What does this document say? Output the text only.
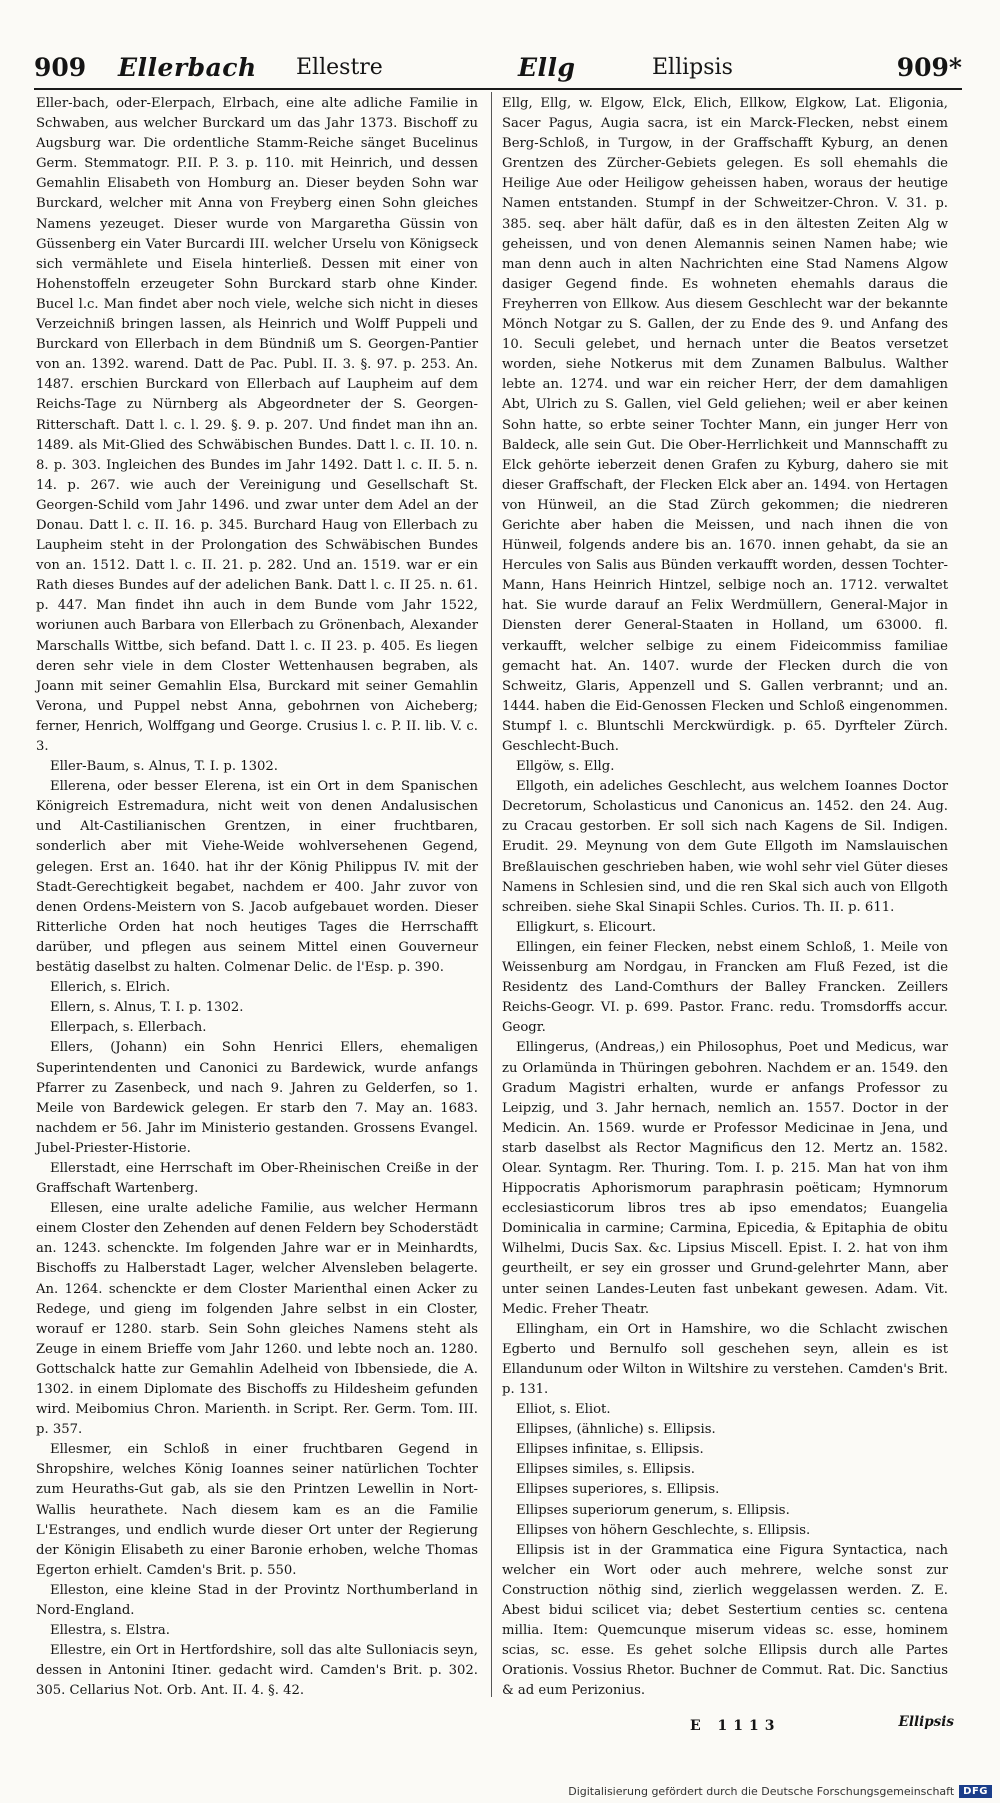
909 Ellerbach Ellestre	Ellg	Ellipsis	909*

Eller-bach, oder-Elerpach, Elrbach, eine alte adliche Familie in Schwaben, aus welcher Burckard um das Jahr 1373. Bischoff zu Augsburg war. Die ordentliche Stamm-Reiche sänget Bucelinus Germ. Stemmatogr. P.II. P. 3. p. 110. mit Heinrich, und dessen Gemahlin Elisabeth von Homburg an. Dieser beyden Sohn war Burckard, welcher mit Anna von Freyberg einen Sohn gleiches Namens yezeuget. Dieser wurde von Margaretha Güssin von Güssenberg ein Vater Burcardi III. welcher Urselu von Königseck sich vermählete und Eisela hinterließ. Dessen mit einer von Hohenstoffeln erzeugeter Sohn Burckard starb ohne Kinder. Bucel l.c. Man findet aber noch viele, welche sich nicht in dieses Verzeichniß bringen lassen, als Heinrich und Wolff Puppeli und Burckard von Ellerbach in dem Bündniß um S. Georgen-Pantier von an. 1392. warend. Datt de Pac. Publ. II. 3. §. 97. p. 253. An. 1487. erschien Burckard von Ellerbach auf Laupheim auf dem Reichs-Tage zu Nürnberg als Abgeordneter der S. Georgen-Ritterschaft. Datt l. c. l. 29. §. 9. p. 207. Und findet man ihn an. 1489. als Mit-Glied des Schwäbischen Bundes. Datt l. c. II. 10. n. 8. p. 303. Ingleichen des Bundes im Jahr 1492. Datt l. c. II. 5. n. 14. p. 267. wie auch der Vereinigung und Gesellschaft St. Georgen-Schild vom Jahr 1496. und zwar unter dem Adel an der Donau. Datt l. c. II. 16. p. 345. Burchard Haug von Ellerbach zu Laupheim steht in der Prolongation des Schwäbischen Bundes von an. 1512. Datt l. c. II. 21. p. 282. Und an. 1519. war er ein Rath dieses Bundes auf der adelichen Bank. Datt l. c. II 25. n. 61. p. 447. Man findet ihn auch in dem Bunde vom Jahr 1522, woriunen auch Barbara von Ellerbach zu Grönenbach, Alexander Marschalls Wittbe, sich befand. Datt l. c. II 23. p. 405. Es liegen deren sehr viele in dem Closter Wettenhausen begraben, als Joann mit seiner Gemahlin Elsa, Burckard mit seiner Gemahlin Verona, und Puppel nebst Anna, gebohrnen von Aicheberg; ferner, Henrich, Wolffgang und George. Crusius l. c. P. II. lib. V. c. 3.

Eller-Baum, s. Alnus, T. I. p. 1302.

Ellerena, oder besser Elerena, ist ein Ort in dem Spanischen Königreich Estremadura, nicht weit von denen Andalusischen und Alt-Castilianischen Grentzen, in einer fruchtbaren, sonderlich aber mit Viehe-Weide wohlversehenen Gegend, gelegen. Erst an. 1640. hat ihr der König Philippus IV. mit der Stadt-Gerechtigkeit begabet, nachdem er 400. Jahr zuvor von denen Ordens-Meistern von S. Jacob aufgebauet worden. Dieser Ritterliche Orden hat noch heutiges Tages die Herrschafft darüber, und pflegen aus seinem Mittel einen Gouverneur bestätig daselbst zu halten. Colmenar Delic. de l'Esp. p. 390.

Ellerich, s. Elrich.

Ellern, s. Alnus, T. I. p. 1302.

Ellerpach, s. Ellerbach.

Ellers, (Johann) ein Sohn Henrici Ellers, ehemaligen Superintendenten und Canonici zu Bardewick, wurde anfangs Pfarrer zu Zasenbeck, und nach 9. Jahren zu Gelderfen, so 1. Meile von Bardewick gelegen. Er starb den 7. May an. 1683. nachdem er 56. Jahr im Ministerio gestanden. Grossens Evangel. Jubel-Priester-Historie.

Ellerstadt, eine Herrschaft im Ober-Rheinischen Creiße in der Graffschaft Wartenberg.

Ellesen, eine uralte adeliche Familie, aus welcher Hermann einem Closter den Zehenden auf denen Feldern bey Schoderstädt an. 1243. schenckte. Im folgenden Jahre war er in Meinhardts, Bischoffs zu Halberstadt Lager, welcher Alvensleben belagerte. An. 1264. schenckte er dem Closter Marienthal einen Acker zu Redege, und gieng im folgenden Jahre selbst in ein Closter, worauf er 1280. starb. Sein Sohn gleiches Namens steht als Zeuge in einem Brieffe vom Jahr 1260. und lebte noch an. 1280. Gottschalck hatte zur Gemahlin Adelheid von Ibbensiede, die A. 1302. in einem Diplomate des Bischoffs zu Hildesheim gefunden wird. Meibomius Chron. Marienth. in Script. Rer. Germ. Tom. III. p. 357.

Ellesmer, ein Schloß in einer fruchtbaren Gegend in Shropshire, welches König Ioannes seiner natürlichen Tochter zum Heuraths-Gut gab, als sie den Printzen Lewellin in Nort-Wallis heurathete. Nach diesem kam es an die Familie L'Estranges, und endlich wurde dieser Ort unter der Regierung der Königin Elisabeth zu einer Baronie erhoben, welche Thomas Egerton erhielt. Camden's Brit. p. 550.

Elleston, eine kleine Stad in der Provintz Northumberland in Nord-England.

Ellestra, s. Elstra.

Ellestre, ein Ort in Hertfordshire, soll das alte Sulloniacis seyn, dessen in Antonini Itiner. gedacht wird. Camden's Brit. p. 302. 305. Cellarius Not. Orb. Ant. II. 4. §. 42.

Ellg, Ellg, w. Elgow, Elck, Elich, Ellkow, Elgkow, Lat. Eligonia, Sacer Pagus, Augia sacra, ist ein Marck-Flecken, nebst einem Berg-Schloß, in Turgow, in der Graffschafft Kyburg, an denen Grentzen des Zürcher-Gebiets gelegen. Es soll ehemahls die Heilige Aue oder Heiligow geheissen haben, woraus der heutige Namen entstanden. Stumpf in der Schweitzer-Chron. V. 31. p. 385. seq. aber hält dafür, daß es in den ältesten Zeiten Alg w geheissen, und von denen Alemannis seinen Namen habe; wie man denn auch in alten Nachrichten eine Stad Namens Algow dasiger Gegend finde. Es wohneten ehemahls daraus die Freyherren von Ellkow. Aus diesem Geschlecht war der bekannte Mönch Notgar zu S. Gallen, der zu Ende des 9. und Anfang des 10. Seculi gelebet, und hernach unter die Beatos versetzet worden, siehe Notkerus mit dem Zunamen Balbulus. Walther lebte an. 1274. und war ein reicher Herr, der dem damahligen Abt, Ulrich zu S. Gallen, viel Geld geliehen; weil er aber keinen Sohn hatte, so erbte seiner Tochter Mann, ein junger Herr von Baldeck, alle sein Gut. Die Ober-Herrlichkeit und Mannschafft zu Elck gehörte ieberzeit denen Grafen zu Kyburg, dahero sie mit dieser Graffschaft, der Flecken Elck aber an. 1494. von Hertagen von Hünweil, an die Stad Zürch gekommen; die niedreren Gerichte aber haben die Meissen, und nach ihnen die von Hünweil, folgends andere bis an. 1670. innen gehabt, da sie an Hercules von Salis aus Bünden verkaufft worden, dessen Tochter-Mann, Hans Heinrich Hintzel, selbige noch an. 1712. verwaltet hat. Sie wurde darauf an Felix Werdmüllern, General-Major in Diensten derer General-Staaten in Holland, um 63000. fl. verkaufft, welcher selbige zu einem Fideicommiss familiae gemacht hat. An. 1407. wurde der Flecken durch die von Schweitz, Glaris, Appenzell und S. Gallen verbrannt; und an. 1444. haben die Eid-Genossen Flecken und Schloß eingenommen. Stumpf l. c. Bluntschli Merckwürdigk. p. 65. Dyrfteler Zürch. Geschlecht-Buch.

Ellgöw, s. Ellg.

Ellgoth, ein adeliches Geschlecht, aus welchem Ioannes Doctor Decretorum, Scholasticus und Canonicus an. 1452. den 24. Aug. zu Cracau gestorben. Er soll sich nach Kagens de Sil. Indigen. Erudit. 29. Meynung von dem Gute Ellgoth im Namslauischen Breßlauischen geschrieben haben, wie wohl sehr viel Güter dieses Namens in Schlesien sind, und die ren Skal sich auch von Ellgoth schreiben. siehe Skal Sinapii Schles. Curios. Th. II. p. 611.

Elligkurt, s. Elicourt.

Ellingen, ein feiner Flecken, nebst einem Schloß, 1. Meile von Weissenburg am Nordgau, in Francken am Fluß Fezed, ist die Residentz des Land-Comthurs der Balley Francken. Zeillers Reichs-Geogr. VI. p. 699. Pastor. Franc. redu. Tromsdorffs accur. Geogr.

Ellingerus, (Andreas,) ein Philosophus, Poet und Medicus, war zu Orlamünda in Thüringen gebohren. Nachdem er an. 1549. den Gradum Magistri erhalten, wurde er anfangs Professor zu Leipzig, und 3. Jahr hernach, nemlich an. 1557. Doctor in der Medicin. An. 1569. wurde er Professor Medicinae in Jena, und starb daselbst als Rector Magnificus den 12. Mertz an. 1582. Olear. Syntagm. Rer. Thuring. Tom. I. p. 215. Man hat von ihm Hippocratis Aphorismorum paraphrasin poëticam; Hymnorum ecclesiasticorum libros tres ab ipso emendatos; Euangelia Dominicalia in carmine; Carmina, Epicedia, & Epitaphia de obitu Wilhelmi, Ducis Sax. &c. Lipsius Miscell. Epist. I. 2. hat von ihm geurtheilt, er sey ein grosser und Grund-gelehrter Mann, aber unter seinen Landes-Leuten fast unbekant gewesen. Adam. Vit. Medic. Freher Theatr.

Ellingham, ein Ort in Hamshire, wo die Schlacht zwischen Egberto und Bernulfo soll geschehen seyn, allein es ist Ellandunum oder Wilton in Wiltshire zu verstehen. Camden's Brit. p. 131.

Elliot, s. Eliot.

Ellipses, (ähnliche) s. Ellipsis.

Ellipses infinitae, s. Ellipsis.

Ellipses similes, s. Ellipsis.

Ellipses superiores, s. Ellipsis.

Ellipses superiorum generum, s. Ellipsis.

Ellipses von höhern Geschlechte, s. Ellipsis.

Ellipsis ist in der Grammatica eine Figura Syntactica, nach welcher ein Wort oder auch mehrere, welche sonst zur Construction nöthig sind, zierlich weggelassen werden. Z. E. Abest bidui scilicet via; debet Sestertium centies sc. centena millia. Item: Quemcunque miserum videas sc. esse, hominem scias, sc. esse. Es gehet solche Ellipsis durch alle Partes Orationis. Vossius Rhetor. Buchner de Commut. Rat. Dic. Sanctius & ad eum Perizonius.

E 1113	Ellipsis
Digitalisierung gefördert durch die Deutsche Forschungsgemeinschaft DFG
